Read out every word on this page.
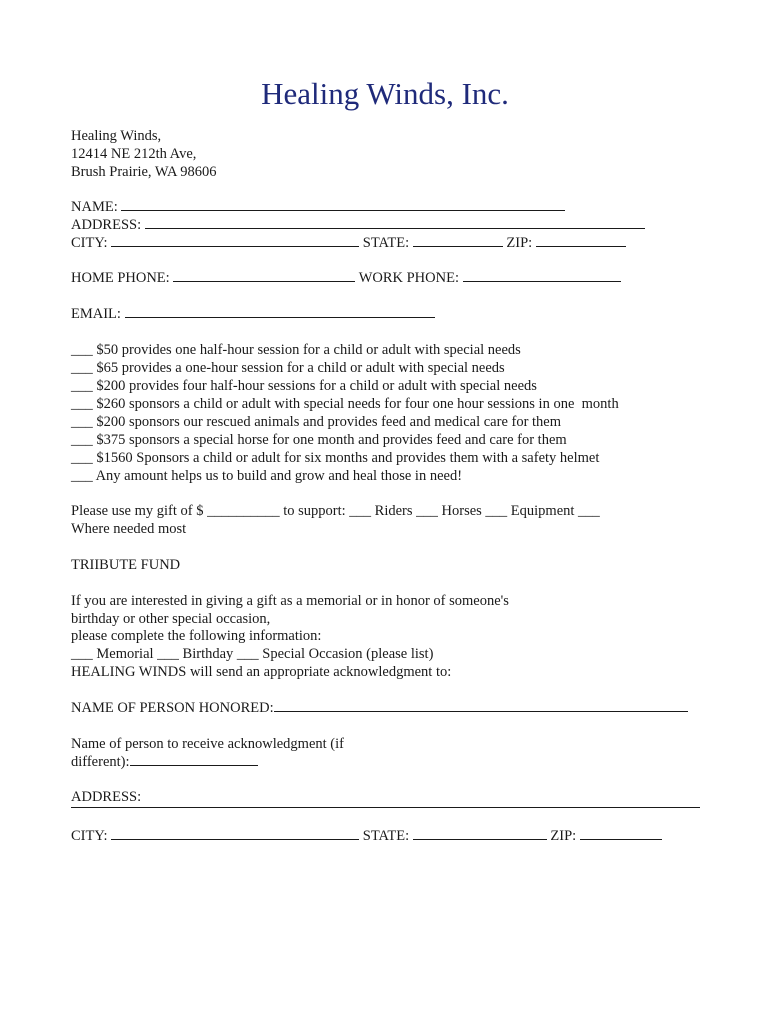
Healing Winds, Inc.
Healing Winds,
12414 NE 212th Ave,
Brush Prairie, WA 98606
NAME:
ADDRESS:
CITY:	STATE:	ZIP:
HOME PHONE:	WORK PHONE:
EMAIL:
___ $50 provides one half-hour session for a child or adult with special needs
___ $65 provides a one-hour session for a child or adult with special needs
___ $200 provides four half-hour sessions for a child or adult with special needs
___ $260 sponsors a child or adult with special needs for four one hour sessions in one  month
___ $200 sponsors our rescued animals and provides feed and medical care for them
___ $375 sponsors a special horse for one month and provides feed and care for them
___ $1560 Sponsors a child or adult for six months and provides them with a safety helmet
___ Any amount helps us to build and grow and heal those in need!
Please use my gift of $ __________ to support: ___ Riders ___ Horses ___ Equipment ___
Where needed most
TRIIBUTE FUND
If you are interested in giving a gift as a memorial or in honor of someone's
birthday or other special occasion,
please complete the following information:
___ Memorial ___ Birthday ___ Special Occasion (please list)
HEALING WINDS will send an appropriate acknowledgment to:
NAME OF PERSON HONORED:
Name of person to receive acknowledgment (if
different):
ADDRESS:
CITY:	STATE:	ZIP:
